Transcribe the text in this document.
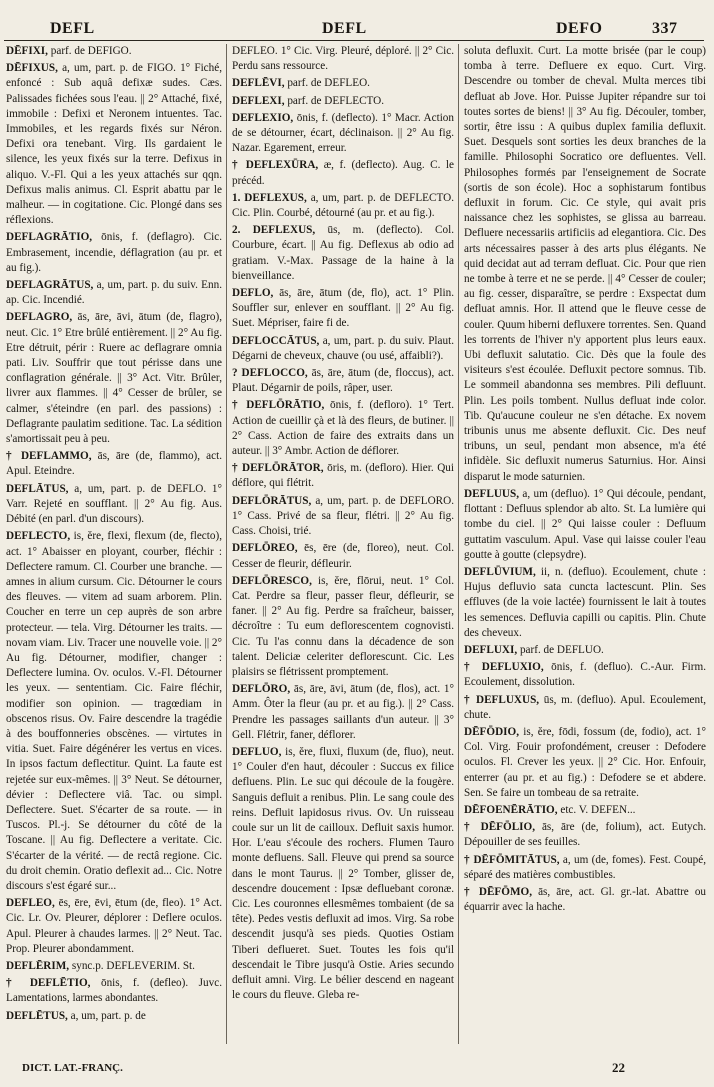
DEFL	DEFL	DEFO	337
DĒFIXI, parf. de DEFIGO.
DĒFIXUS, a, um, part. p. de FIGO. 1° Fiché, enfoncé : Sub aquâ defixæ sudes. Cæs. Palissades fichées sous l'eau. || 2° Attaché, fixé, immobile : Defixi et Neronem intuentes. Tac. Immobiles, et les regards fixés sur Néron. Defixi ora tenebant. Virg. Ils gardaient le silence, les yeux fixés sur la terre. Defixus in aliquo. V.-Fl. Qui a les yeux attachés sur qqn. Defixus malis animus. Cl. Esprit abattu par le malheur. — in cogitatione. Cic. Plongé dans ses réflexions.
DEFLAGRĀTIO, ōnis, f. (deflagro). Cic. Embrasement, incendie, déflagration (au pr. et au fig.).
DEFLAGRĀTUS, a, um, part. p. du suiv. Enn. ap. Cic. Incendié.
DEFLAGRO, ās, āre, āvi, ātum (de, flagro), neut. Cic. 1° Etre brûlé entièrement. || 2° Au fig. Etre détruit, périr : Ruere ac deflagrare omnia pati. Liv. Souffrir que tout périsse dans une conflagration générale. || 3° Act. Vitr. Brûler, livrer aux flammes. || 4° Cesser de brûler, se calmer, s'éteindre (en parl. des passions) : Deflagrante paulatim seditione. Tac. La sédition s'amortissait peu à peu.
† DEFLAMMO, ās, āre (de, flammo), act. Apul. Eteindre.
DEFLĀTUS, a, um, part. p. de DEFLO. 1° Varr. Rejeté en soufflant. || 2° Au fig. Aus. Débité (en parl. d'un discours).
DEFLECTO, is, ĕre, flexi, flexum (de, flecto), act. 1° Abaisser en ployant, courber, fléchir : Deflectere ramum. Cl. Courber une branche. — amnes in alium cursum. Cic. Détourner le cours des fleuves. — vitem ad suam arborem. Plin. Coucher en terre un cep auprès de son arbre protecteur. — tela. Virg. Détourner les traits. — novam viam. Liv. Tracer une nouvelle voie. || 2° Au fig. Détourner, modifier, changer : Deflectere lumina. Ov. oculos. V.-Fl. Détourner les yeux. — sententiam. Cic. Faire fléchir, modifier son opinion. — tragœdiam in obscenos risus. Ov. Faire descendre la tragédie à des bouffonneries obscènes. — virtutes in vitia. Suet. Faire dégénérer les vertus en vices. In ipsos factum deflectitur. Quint. La faute est rejetée sur eux-mêmes. || 3° Neut. Se détourner, dévier : Deflectere viâ. Tac. ou simpl. Deflectere. Suet. S'écarter de sa route. — in Tuscos. Pl.-j. Se détourner du côté de la Toscane. || Au fig. Deflectere a veritate. Cic. S'écarter de la vérité. — de rectâ regione. Cic. du droit chemin. Oratio deflexit ad... Cic. Notre discours s'est égaré sur...
DEFLEO, ēs, ēre, ēvi, ētum (de, fleo). 1° Act. Cic. Lr. Ov. Pleurer, déplorer : Deflere oculos. Apul. Pleurer à chaudes larmes. || 2° Neut. Tac. Prop. Pleurer abondamment.
DEFLĒRIM, sync.p. DEFLEVERIM. St.
† DEFLĒTIO, ōnis, f. (defleo). Juvc. Lamentations, larmes abondantes.
DEFLĒTUS, a, um, part. p. de
DEFLEO. 1° Cic. Virg. Pleuré, déploré. || 2° Cic. Perdu sans ressource.
DEFLĒVI, parf. de DEFLEO.
DEFLEXI, parf. de DEFLECTO.
DEFLEXIO, ōnis, f. (deflecto). 1° Macr. Action de se détourner, écart, déclinaison. || 2° Au fig. Nazar. Egarement, erreur.
† DEFLEXŪRA, æ, f. (deflecto). Aug. C. le précéd.
1. DEFLEXUS, a, um, part. p. de DEFLECTO. Cic. Plin. Courbé, détourné (au pr. et au fig.).
2. DEFLEXUS, ūs, m. (deflecto). Col. Courbure, écart. || Au fig. Deflexus ab odio ad gratiam. V.-Max. Passage de la haine à la bienveillance.
DEFLO, ās, āre, ātum (de, flo), act. 1° Plin. Souffler sur, enlever en soufflant. || 2° Au fig. Suet. Mépriser, faire fi de.
DEFLOCCĀTUS, a, um, part. p. du suiv. Plaut. Dégarni de cheveux, chauve (ou usé, affaibli?).
? DEFLOCCO, ās, āre, ātum (de, floccus), act. Plaut. Dégarnir de poils, râper, user.
† DEFLŌRĀTIO, ōnis, f. (defloro). 1° Tert. Action de cueillir çà et là des fleurs, de butiner. || 2° Cass. Action de faire des extraits dans un auteur. || 3° Ambr. Action de déflorer.
† DEFLŌRĀTOR, ōris, m. (defloro). Hier. Qui déflore, qui flétrit.
DEFLŌRĀTUS, a, um, part. p. de DEFLORO. 1° Cass. Privé de sa fleur, flétri. || 2° Au fig. Cass. Choisi, trié.
DEFLŌREO, ēs, ēre (de, floreo), neut. Col. Cesser de fleurir, défleurir.
DEFLŌRESCO, is, ĕre, flōrui, neut. 1° Col. Cat. Perdre sa fleur, passer fleur, défleurir, se faner. || 2° Au fig. Perdre sa fraîcheur, baisser, décroître : Tu eum deflorescentem cognovisti. Cic. Tu l'as connu dans la décadence de son talent. Deliciæ celeriter deflorescunt. Cic. Les plaisirs se flétrissent promptement.
DEFLŌRO, ās, āre, āvi, ātum (de, flos), act. 1° Amm. Ôter la fleur (au pr. et au fig.). || 2° Cass. Prendre les passages saillants d'un auteur. || 3° Gell. Flétrir, faner, déflorer.
DEFLUO, is, ĕre, fluxi, fluxum (de, fluo), neut. 1° Couler d'en haut, découler : Succus ex filice defluens. Plin. Le suc qui découle de la fougère. Sanguis defluit a renibus. Plin. Le sang coule des reins. Defluit lapidosus rivus. Ov. Un ruisseau coule sur un lit de cailloux. Defluit saxis humor. Hor. L'eau s'écoule des rochers. Flumen Tauro monte defluens. Sall. Fleuve qui prend sa source dans le mont Taurus. || 2° Tomber, glisser de, descendre doucement : Ipsæ defluebant coronæ. Cic. Les couronnes ellesmêmes tombaient (de sa tête). Pedes vestis defluxit ad imos. Virg. Sa robe descendit jusqu'à ses pieds. Quoties Ostiam Tiberi deflueret. Suet. Toutes les fois qu'il descendait le Tibre jusqu'à Ostie. Aries secundo defluit amni. Virg. Le bélier descend en nageant le cours du fleuve. Gleba re-
soluta defluxit. Curt. La motte brisée (par le coup) tomba à terre. Defluere ex equo. Curt. Virg. Descendre ou tomber de cheval. Multa merces tibi defluat ab Jove. Hor. Puisse Jupiter répandre sur toi toutes sortes de biens! || 3° Au fig. Découler, tomber, sortir, être issu : A quibus duplex familia defluxit. Suet. Desquels sont sorties les deux branches de la famille. Philosophi Socratico ore defluentes. Vell. Philosophes formés par l'enseignement de Socrate (sortis de son école). Hoc a sophistarum fontibus defluxit in forum. Cic. Ce style, qui avait pris naissance chez les sophistes, se glissa au barreau. Defluere necessariis artificiis ad elegantiora. Cic. Des arts nécessaires passer à des arts plus élégants. Ne quid decidat aut ad terram defluat. Cic. Pour que rien ne tombe à terre et ne se perde. || 4° Cesser de couler; au fig. cesser, disparaître, se perdre : Exspectat dum defluat amnis. Hor. Il attend que le fleuve cesse de couler. Quum hiberni defluxere torrentes. Sen. Quand les torrents de l'hiver n'y apportent plus leurs eaux. Ubi defluxit salutatio. Cic. Dès que la foule des visiteurs s'est écoulée. Defluxit pectore somnus. Tib. Le sommeil abandonna ses membres. Pili defluunt. Plin. Les poils tombent. Nullus defluat inde color. Tib. Qu'aucune couleur ne s'en détache. Ex novem tribunis unus me absente defluxit. Cic. Des neuf tribuns, un seul, pendant mon absence, m'a été infidèle. Sic defluxit numerus Saturnius. Hor. Ainsi disparut le mode saturnien.
DEFLUUS, a, um (defluo). 1° Qui découle, pendant, flottant : Defluus splendor ab alto. St. La lumière qui tombe du ciel. || 2° Qui laisse couler : Defluum guttatim vasculum. Apul. Vase qui laisse couler l'eau goutte à goutte (clepsydre).
DEFLŪVIUM, ii, n. (defluo). Ecoulement, chute : Hujus defluvio sata cuncta lactescunt. Plin. Ses effluves (de la voie lactée) fournissent le lait à toutes les semences. Defluvia capilli ou capitis. Plin. Chute des cheveux.
DEFLUXI, parf. de DEFLUO.
† DEFLUXIO, ōnis, f. (defluo). C.-Aur. Firm. Ecoulement, dissolution.
† DEFLUXUS, ūs, m. (defluo). Apul. Ecoulement, chute.
DĒFŌDIO, is, ĕre, fōdi, fossum (de, fodio), act. 1° Col. Virg. Fouir profondément, creuser : Defodere oculos. Fl. Crever les yeux. || 2° Cic. Hor. Enfouir, enterrer (au pr. et au fig.) : Defodere se et abdere. Sen. Se faire un tombeau de sa retraite.
DĒFOENĒRĀTIO, etc. V. DEFEN...
† DĒFŌLIO, ās, āre (de, folium), act. Eutych. Dépouiller de ses feuilles.
† DĒFŌMITĀTUS, a, um (de, fomes). Fest. Coupé, séparé des matières combustibles.
† DĒFŌMO, ās, āre, act. Gl. gr.-lat. Abattre ou équarrir avec la hache.
DICT. LAT.-FRANÇ.	22
